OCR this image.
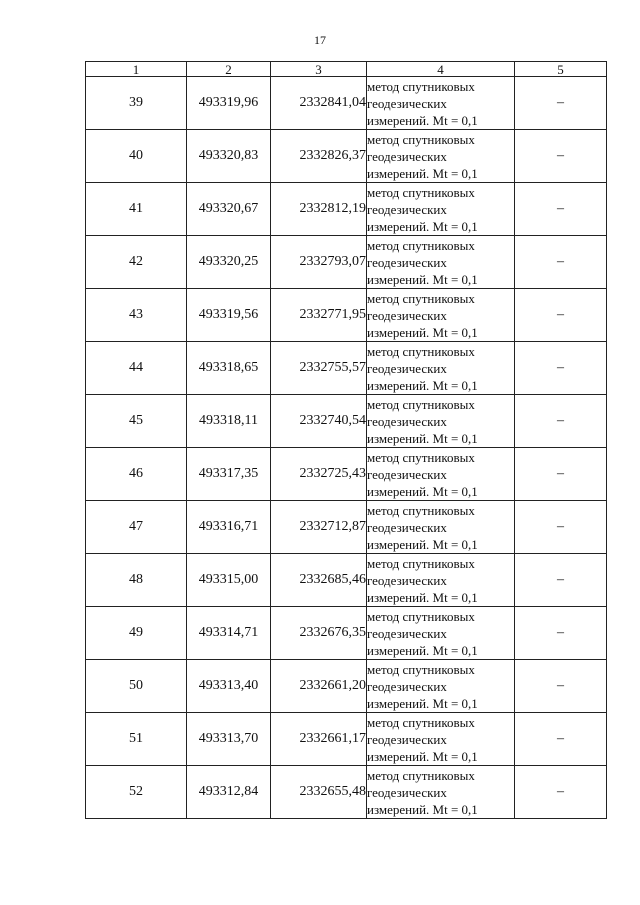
17
1	2	3	4	5
39	493319,96	2332841,04	метод спутниковых
геодезических
измерений. Mt = 0,1	–
40	493320,83	2332826,37	метод спутниковых
геодезических
измерений. Mt = 0,1	–
41	493320,67	2332812,19	метод спутниковых
геодезических
измерений. Mt = 0,1	–
42	493320,25	2332793,07	метод спутниковых
геодезических
измерений. Mt = 0,1	–
43	493319,56	2332771,95	метод спутниковых
геодезических
измерений. Mt = 0,1	–
44	493318,65	2332755,57	метод спутниковых
геодезических
измерений. Mt = 0,1	–
45	493318,11	2332740,54	метод спутниковых
геодезических
измерений. Mt = 0,1	–
46	493317,35	2332725,43	метод спутниковых
геодезических
измерений. Mt = 0,1	–
47	493316,71	2332712,87	метод спутниковых
геодезических
измерений. Mt = 0,1	–
48	493315,00	2332685,46	метод спутниковых
геодезических
измерений. Mt = 0,1	–
49	493314,71	2332676,35	метод спутниковых
геодезических
измерений. Mt = 0,1	–
50	493313,40	2332661,20	метод спутниковых
геодезических
измерений. Mt = 0,1	–
51	493313,70	2332661,17	метод спутниковых
геодезических
измерений. Mt = 0,1	–
52	493312,84	2332655,48	метод спутниковых
геодезических
измерений. Mt = 0,1	–
